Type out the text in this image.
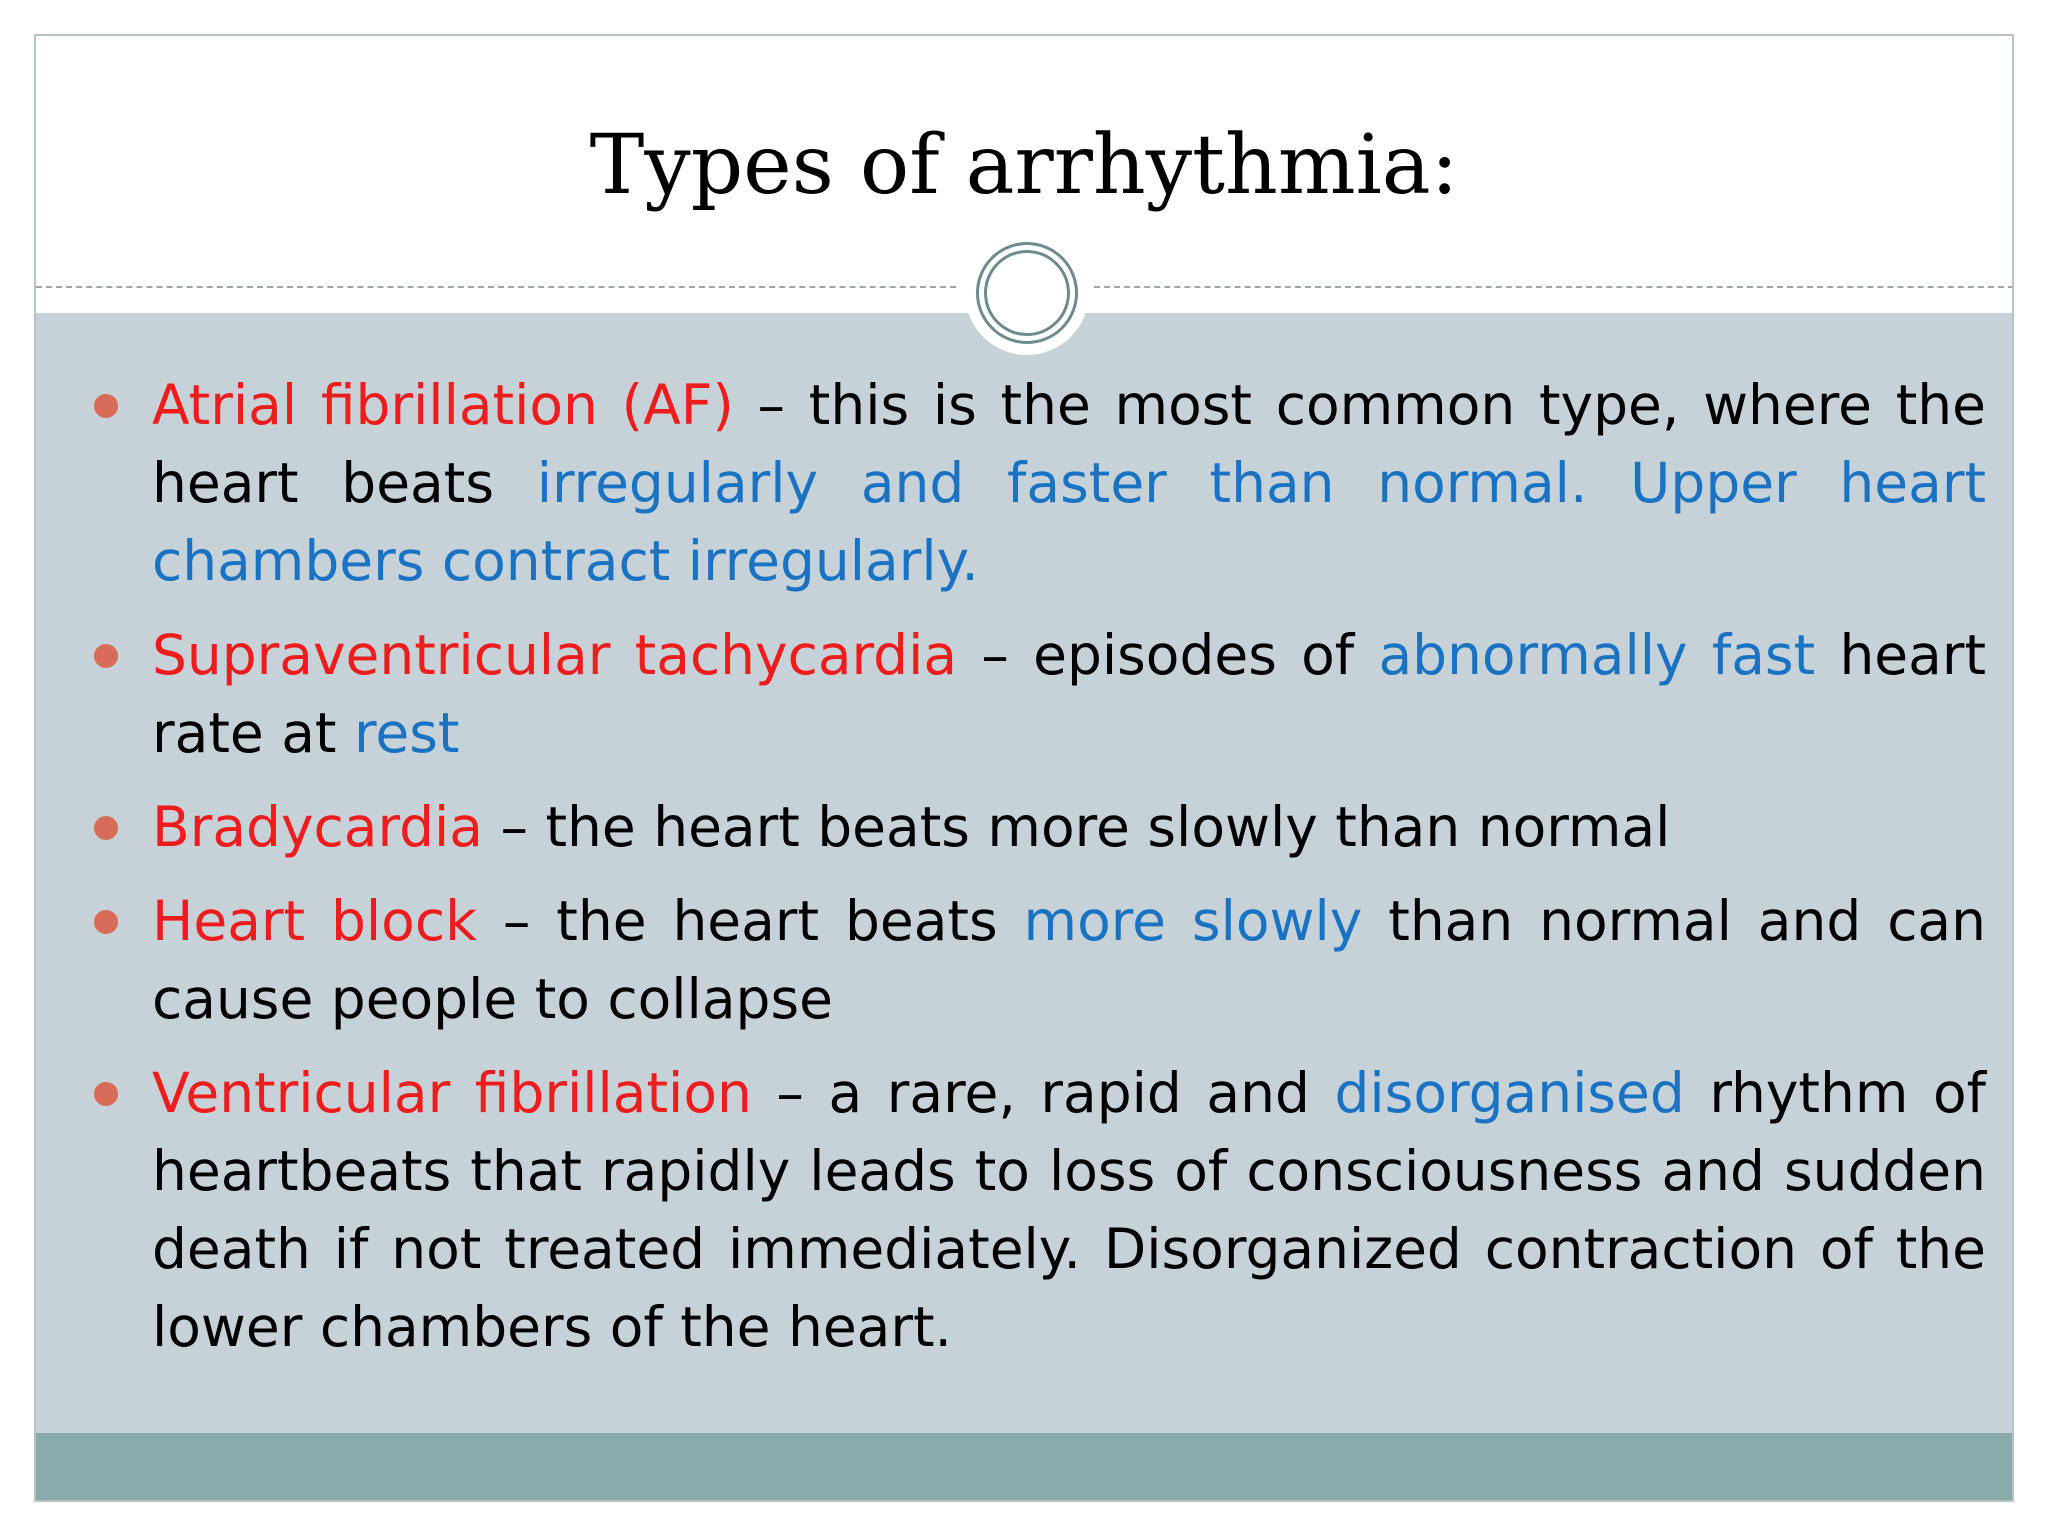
Types of arrhythmia:
Atrial fibrillation (AF) – this is the most common type, where the heart beats irregularly and faster than normal. Upper heart chambers contract irregularly.
Supraventricular tachycardia – episodes of abnormally fast heart rate at rest
Bradycardia – the heart beats more slowly than normal
Heart block – the heart beats more slowly than normal and can cause people to collapse
Ventricular fibrillation – a rare, rapid and disorganised rhythm of heartbeats that rapidly leads to loss of consciousness and sudden death if not treated immediately. Disorganized contraction of the lower chambers of the heart.
